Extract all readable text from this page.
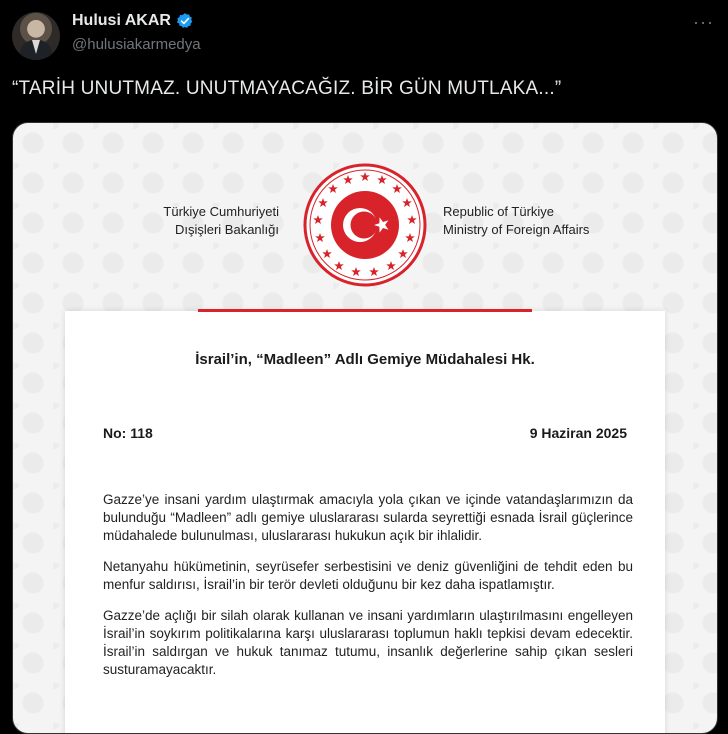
Hulusi AKAR
@hulusiakarmedya
···
“TARİH UNUTMAZ. UNUTMAYACAĞIZ. BİR GÜN MUTLAKA...”
Türkiye Cumhuriyeti
Dışişleri Bakanlığı
Republic of Türkiye
Ministry of Foreign Affairs
İsrail’in, “Madleen” Adlı Gemiye Müdahalesi Hk.
No: 118	9 Haziran 2025

Gazze’ye insani yardım ulaştırmak amacıyla yola çıkan ve içinde vatandaşlarımızın da bulunduğu “Madleen” adlı gemiye uluslararası sularda seyrettiği esnada İsrail güçlerince müdahalede bulunulması, uluslararası hukukun açık bir ihlalidir.

Netanyahu hükümetinin, seyrüsefer serbestisini ve deniz güvenliğini de tehdit eden bu menfur saldırısı, İsrail’in bir terör devleti olduğunu bir kez daha ispatlamıştır.

Gazze’de açlığı bir silah olarak kullanan ve insani yardımların ulaştırılmasını engelleyen İsrail’in soykırım politikalarına karşı uluslararası toplumun haklı tepkisi devam edecektir. İsrail’in saldırgan ve hukuk tanımaz tutumu, insanlık değerlerine sahip çıkan sesleri susturamayacaktır.
